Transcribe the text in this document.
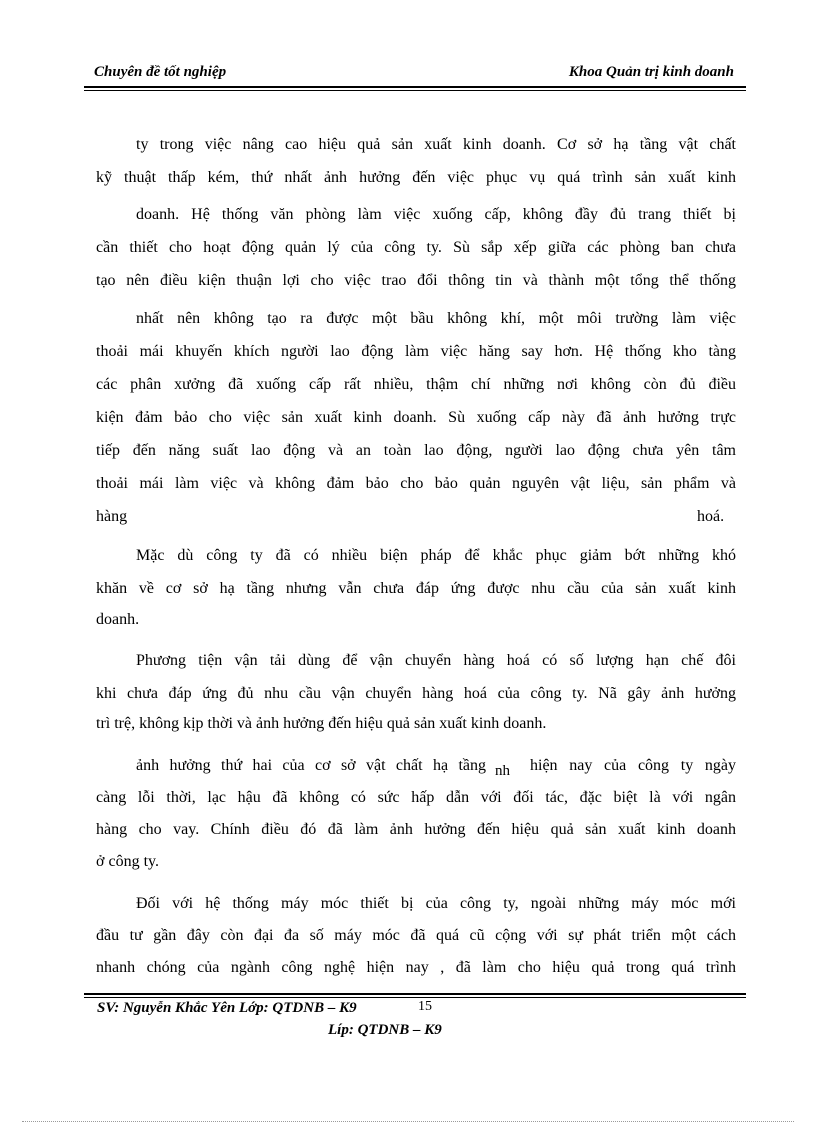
Chuyên đề tốt nghiệp	Khoa Quản trị kinh doanh
ty trong việc nâng cao hiệu quả sản xuất kinh doanh. Cơ sở hạ tầng vật chất
kỹ thuật thấp kém, thứ nhất ảnh hưởng đến việc phục vụ quá trình sản xuất kinh
doanh. Hệ thống văn phòng làm việc xuống cấp, không đầy đủ trang thiết bị
cần thiết cho hoạt động quản lý của công ty. Sù sắp xếp giữa các phòng ban chưa
tạo nên điều kiện thuận lợi cho việc trao đổi thông tin và thành một tổng thể thống
nhất nên không tạo ra được một bầu không khí, một môi trường làm việc
thoải mái khuyến khích người lao động làm việc hăng say hơn. Hệ thống kho tàng
các phân xưởng đã xuống cấp rất nhiều, thậm chí những nơi không còn đủ điều
kiện đảm bảo cho việc sản xuất kinh doanh. Sù xuống cấp này đã ảnh hưởng trực
tiếp đến năng suất lao động và an toàn lao động, người lao động chưa yên tâm
thoải mái làm việc và không đảm bảo cho bảo quản nguyên vật liệu, sản phẩm và
hàng	hoá.
Mặc dù công ty đã có nhiều biện pháp để khắc phục giảm bớt những khó
khăn về cơ sở hạ tầng nhưng vẫn chưa đáp ứng được nhu cầu của sản xuất kinh
doanh.
Phương tiện vận tải dùng để vận chuyển hàng hoá có số lượng hạn chế đôi
khi chưa đáp ứng đủ nhu cầu vận chuyển hàng hoá của công ty. Nã gây ảnh hưởng
trì trệ, không kịp thời và ảnh hưởng đến hiệu quả sản xuất kinh doanh.
ảnh hưởng thứ hai của cơ sở vật chất hạ tầng nh hiện nay của công ty ngày
càng lỗi thời, lạc hậu đã không có sức hấp dẫn với đối tác, đặc biệt là với ngân
hàng cho vay. Chính điều đó đã làm ảnh hưởng đến hiệu quả sản xuất kinh doanh
ở công ty.
Đối với hệ thống máy móc thiết bị của công ty, ngoài những máy móc mới
đầu tư gần đây còn đại đa số máy móc đã quá cũ cộng với sự phát triển một cách
nhanh chóng của ngành công nghệ hiện nay , đã làm cho hiệu quả trong quá trình
SV: Nguyễn Khắc Yên Lớp: QTDNB – K9	15
Líp: QTDNB – K9
